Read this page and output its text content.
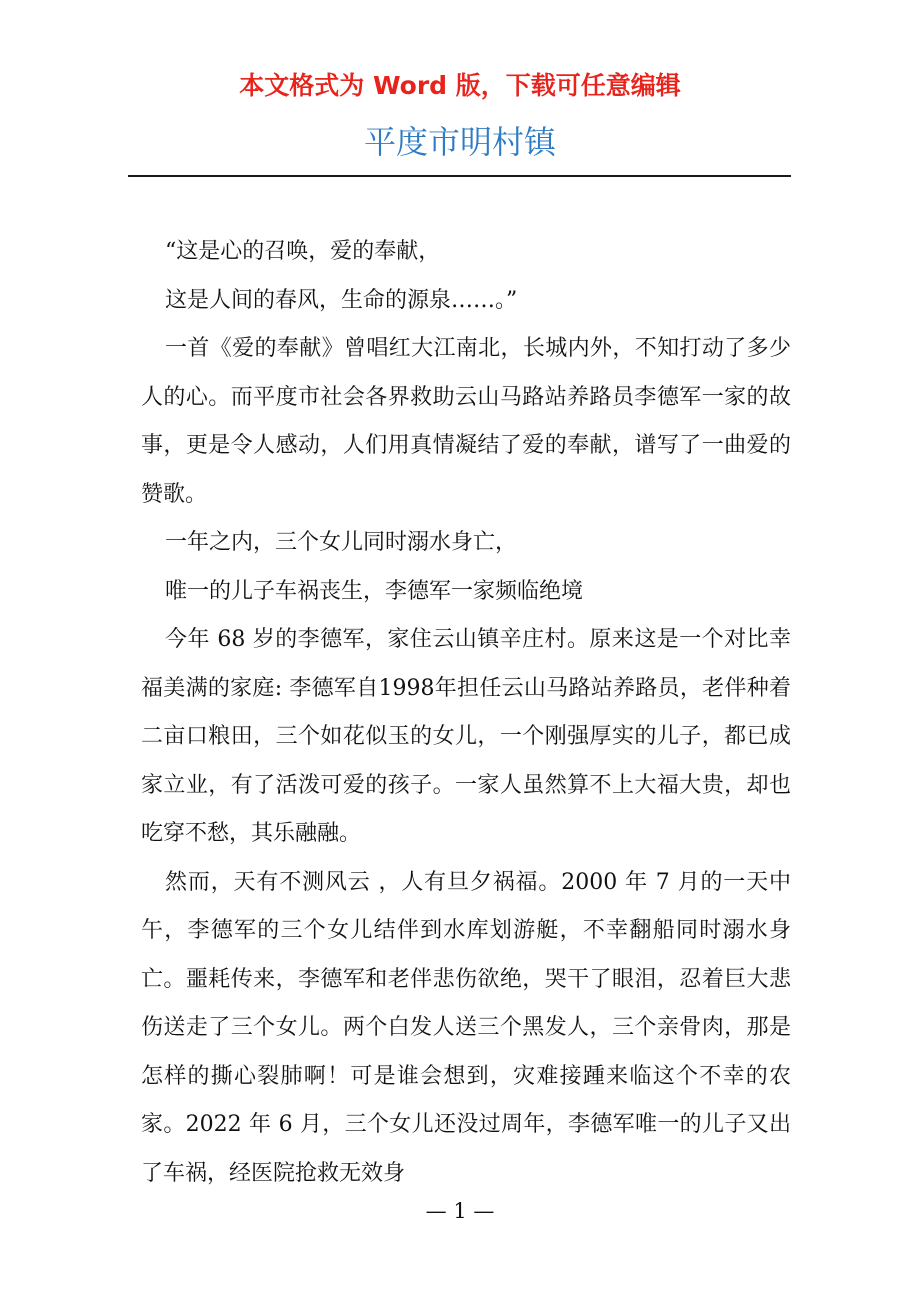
本文格式为 Word 版，下载可任意编辑
平度市明村镇

“这是心的召唤，爱的奉献，

这是人间的春风，生命的源泉……。”

一首《爱的奉献》曾唱红大江南北，长城内外，不知打动了多少人的心。而平度市社会各界救助云山马路站养路员李德军一家的故事，更是令人感动，人们用真情凝结了爱的奉献，谱写了一曲爱的赞歌。

一年之内，三个女儿同时溺水身亡，

唯一的儿子车祸丧生，李德军一家频临绝境

今年 68 岁的李德军，家住云山镇辛庄村。原来这是一个对比幸福美满的家庭: 李德军自1998年担任云山马路站养路员，老伴种着二亩口粮田，三个如花似玉的女儿，一个刚强厚实的儿子，都已成家立业，有了活泼可爱的孩子。一家人虽然算不上大福大贵，却也吃穿不愁，其乐融融。

然而，天有不测风云 ，人有旦夕祸福。2000 年 7 月的一天中午，李德军的三个女儿结伴到水库划游艇，不幸翻船同时溺水身亡。噩耗传来，李德军和老伴悲伤欲绝，哭干了眼泪，忍着巨大悲伤送走了三个女儿。两个白发人送三个黑发人，三个亲骨肉，那是怎样的撕心裂肺啊！可是谁会想到，灾难接踵来临这个不幸的农家。2022 年 6 月，三个女儿还没过周年，李德军唯一的儿子又出了车祸，经医院抢救无效身

— 1 —
